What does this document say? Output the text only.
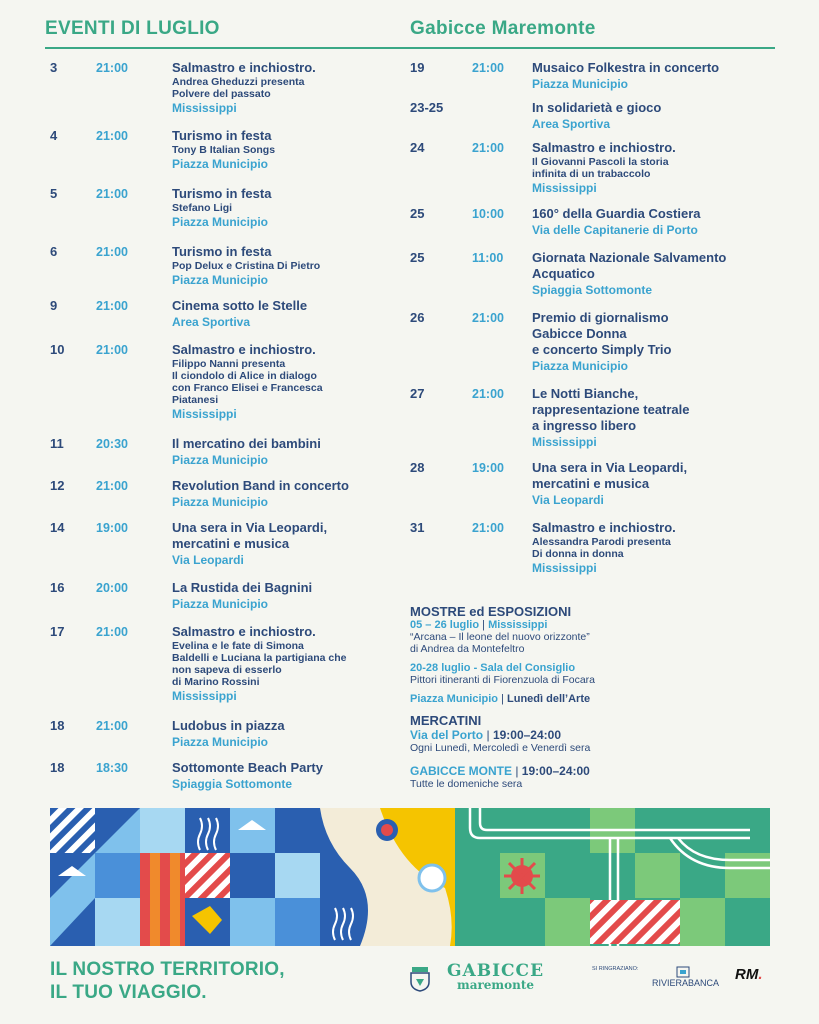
EVENTI DI LUGLIO	Gabicce Maremonte
3	21:00	Salmastro e inchiostro.
Andrea Gheduzzi presenta
Polvere del passato
Mississippi
4	21:00	Turismo in festa
Tony B Italian Songs
Piazza Municipio
5	21:00	Turismo in festa
Stefano Ligi
Piazza Municipio
6	21:00	Turismo in festa
Pop Delux e Cristina Di Pietro
Piazza Municipio
9	21:00	Cinema sotto le Stelle
Area Sportiva
10	21:00	Salmastro e inchiostro.
Filippo Nanni presenta
Il ciondolo di Alice in dialogo
con Franco Elisei e Francesca
Piatanesi
Mississippi
11	20:30	Il mercatino dei bambini
Piazza Municipio
12	21:00	Revolution Band in concerto
Piazza Municipio
14	19:00	Una sera in Via Leopardi,
mercatini e musica
Via Leopardi
16	20:00	La Rustida dei Bagnini
Piazza Municipio
17	21:00	Salmastro e inchiostro.
Evelina e le fate di Simona
Baldelli e Luciana la partigiana che
non sapeva di esserlo
di Marino Rossini
Mississippi
18	21:00	Ludobus in piazza
Piazza Municipio
18	18:30	Sottomonte Beach Party
Spiaggia Sottomonte
19	21:00 Musaico Folkestra in concerto
Piazza Municipio
23-25	In solidarietà e gioco
Area Sportiva
24	21:00 Salmastro e inchiostro.
Il Giovanni Pascoli la storia
infinita di un trabaccolo
Mississippi
25	10:00 160° della Guardia Costiera
Via delle Capitanerie di Porto
25	11:00 Giornata Nazionale Salvamento
Acquatico
Spiaggia Sottomonte
26	21:00 Premio di giornalismo
Gabicce Donna
e concerto Simply Trio
Piazza Municipio
27	21:00 Le Notti Bianche,
rappresentazione teatrale
a ingresso libero
Mississippi
28	19:00 Una sera in Via Leopardi,
mercatini e musica
Via Leopardi
31	21:00 Salmastro e inchiostro.
Alessandra Parodi presenta
Di donna in donna
Mississippi
MOSTRE ed ESPOSIZIONI
05 – 26 luglio | Mississippi
“Arcana – Il leone del nuovo orizzonte”
di Andrea da Montefeltro
20-28 luglio - Sala del Consiglio
Pittori itineranti di Fiorenzuola di Focara
Piazza Municipio | Lunedì dell’Arte
MERCATINI
Via del Porto | 19:00–24:00
Ogni Lunedì, Mercoledì e Venerdì sera
GABICCE MONTE | 19:00–24:00
Tutte le domeniche sera
IL NOSTRO TERRITORIO,
IL TUO VIAGGIO.
GABICCE
maremonte
SI RINGRAZIANO:
RIVIERABANCA RM.
